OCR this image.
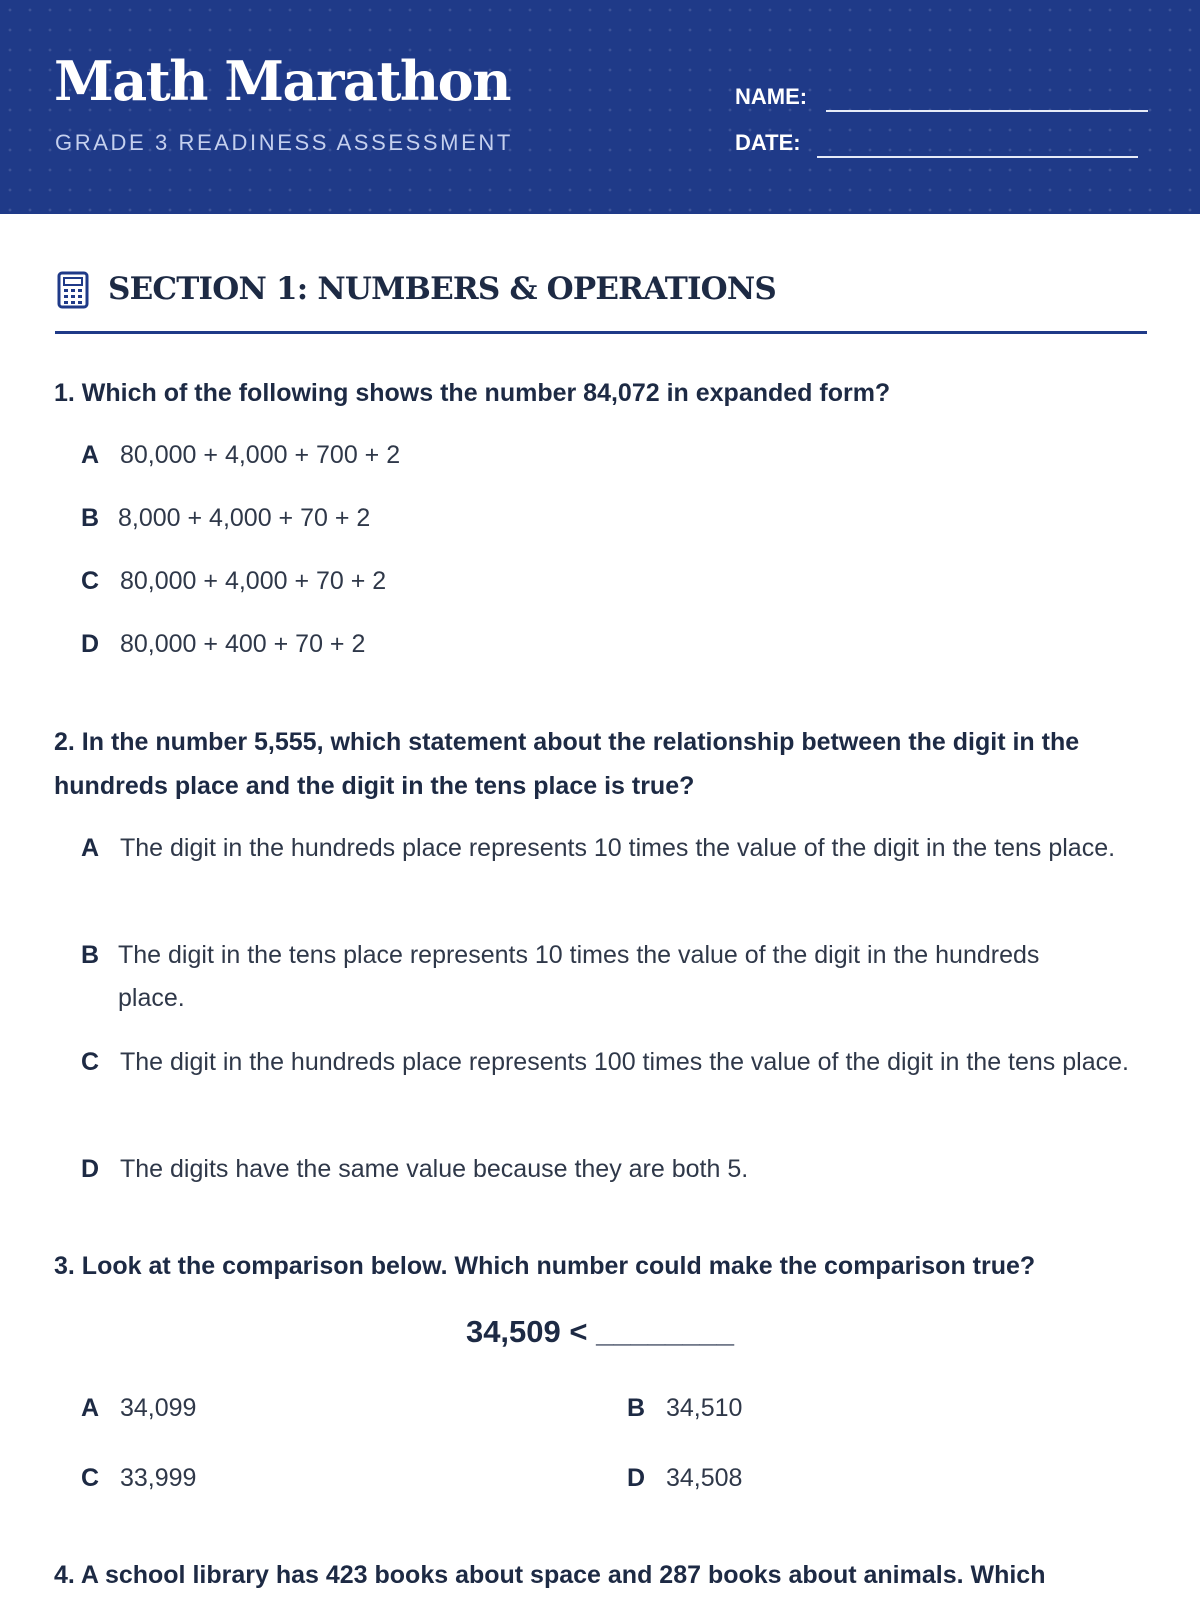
Math Marathon
GRADE 3 READINESS ASSESSMENT
NAME:
DATE:
SECTION 1: NUMBERS & OPERATIONS

1. Which of the following shows the number 84,072 in expanded form?

A 80,000 + 4,000 + 700 + 2
B 8,000 + 4,000 + 70 + 2
C 80,000 + 4,000 + 70 + 2
D 80,000 + 400 + 70 + 2

2. In the number 5,555, which statement about the relationship between the digit in the hundreds place and the digit in the tens place is true?

A The digit in the hundreds place represents 10 times the value of the digit in the tens place.
B The digit in the tens place represents 10 times the value of the digit in the hundreds place.
C The digit in the hundreds place represents 100 times the value of the digit in the tens place.
D The digits have the same value because they are both 5.

3. Look at the comparison below. Which number could make the comparison true?

34,509 < ________
A 34,099	B 34,510
C 33,999	D 34,508

4. A school library has 423 books about space and 287 books about animals. Which
